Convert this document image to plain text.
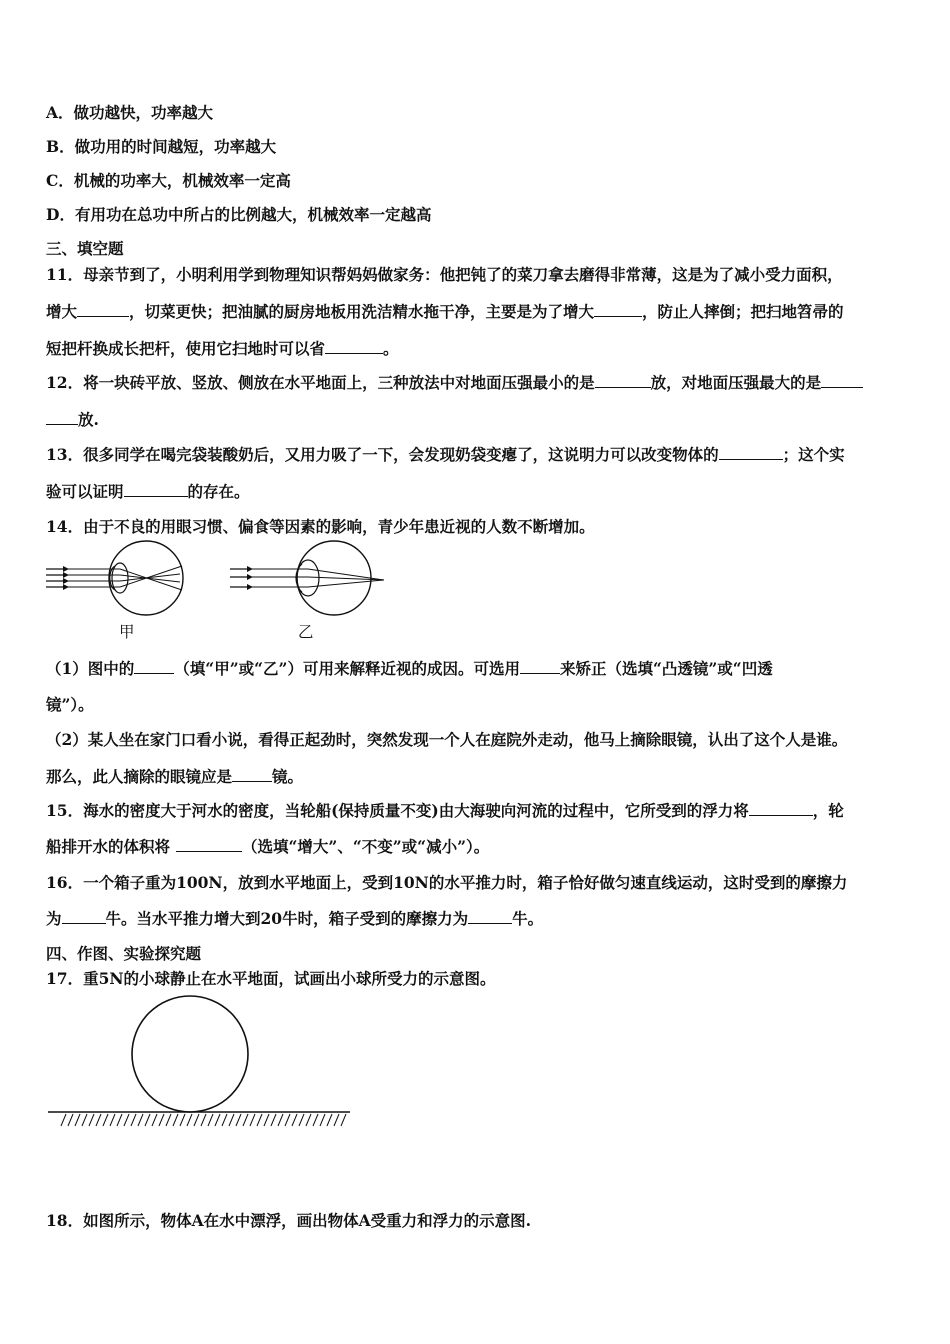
A．做功越快，功率越大
B．做功用的时间越短，功率越大
C．机械的功率大，机械效率一定高
D．有用功在总功中所占的比例越大，机械效率一定越高
三、填空题
11．母亲节到了，小明利用学到物理知识帮妈妈做家务：他把钝了的菜刀拿去磨得非常薄，这是为了减小受力面积，
增大	，切菜更快；把油腻的厨房地板用洗洁精水拖干净，主要是为了增大	，防止人摔倒；把扫地笤帚的
短把杆换成长把杆，使用它扫地时可以省	。
12．将一块砖平放、竖放、侧放在水平地面上，三种放法中对地面压强最小的是	放，对地面压强最大的是
放.
13．很多同学在喝完袋装酸奶后，又用力吸了一下，会发现奶袋变瘪了，这说明力可以改变物体的	；这个实
验可以证明	的存在。
14．由于不良的用眼习惯、偏食等因素的影响，青少年患近视的人数不断增加。
甲	乙
（1）图中的	（填“甲”或“乙”）可用来解释近视的成因。可选用	来矫正（选填“凸透镜”或“凹透
镜”）。
（2）某人坐在家门口看小说，看得正起劲时，突然发现一个人在庭院外走动，他马上摘除眼镜，认出了这个人是谁。
那么，此人摘除的眼镜应是	镜。
15．海水的密度大于河水的密度，当轮船(保持质量不变)由大海驶向河流的过程中，它所受到的浮力将	，轮
船排开水的体积将	（选填“增大”、“不变”或“减小”）。
16．一个箱子重为100N，放到水平地面上，受到10N的水平推力时，箱子恰好做匀速直线运动，这时受到的摩擦力
为	牛。当水平推力增大到20牛时，箱子受到的摩擦力为	牛。
四、作图、实验探究题
17．重5N的小球静止在水平地面，试画出小球所受力的示意图。
18．如图所示，物体A在水中漂浮，画出物体A受重力和浮力的示意图.
